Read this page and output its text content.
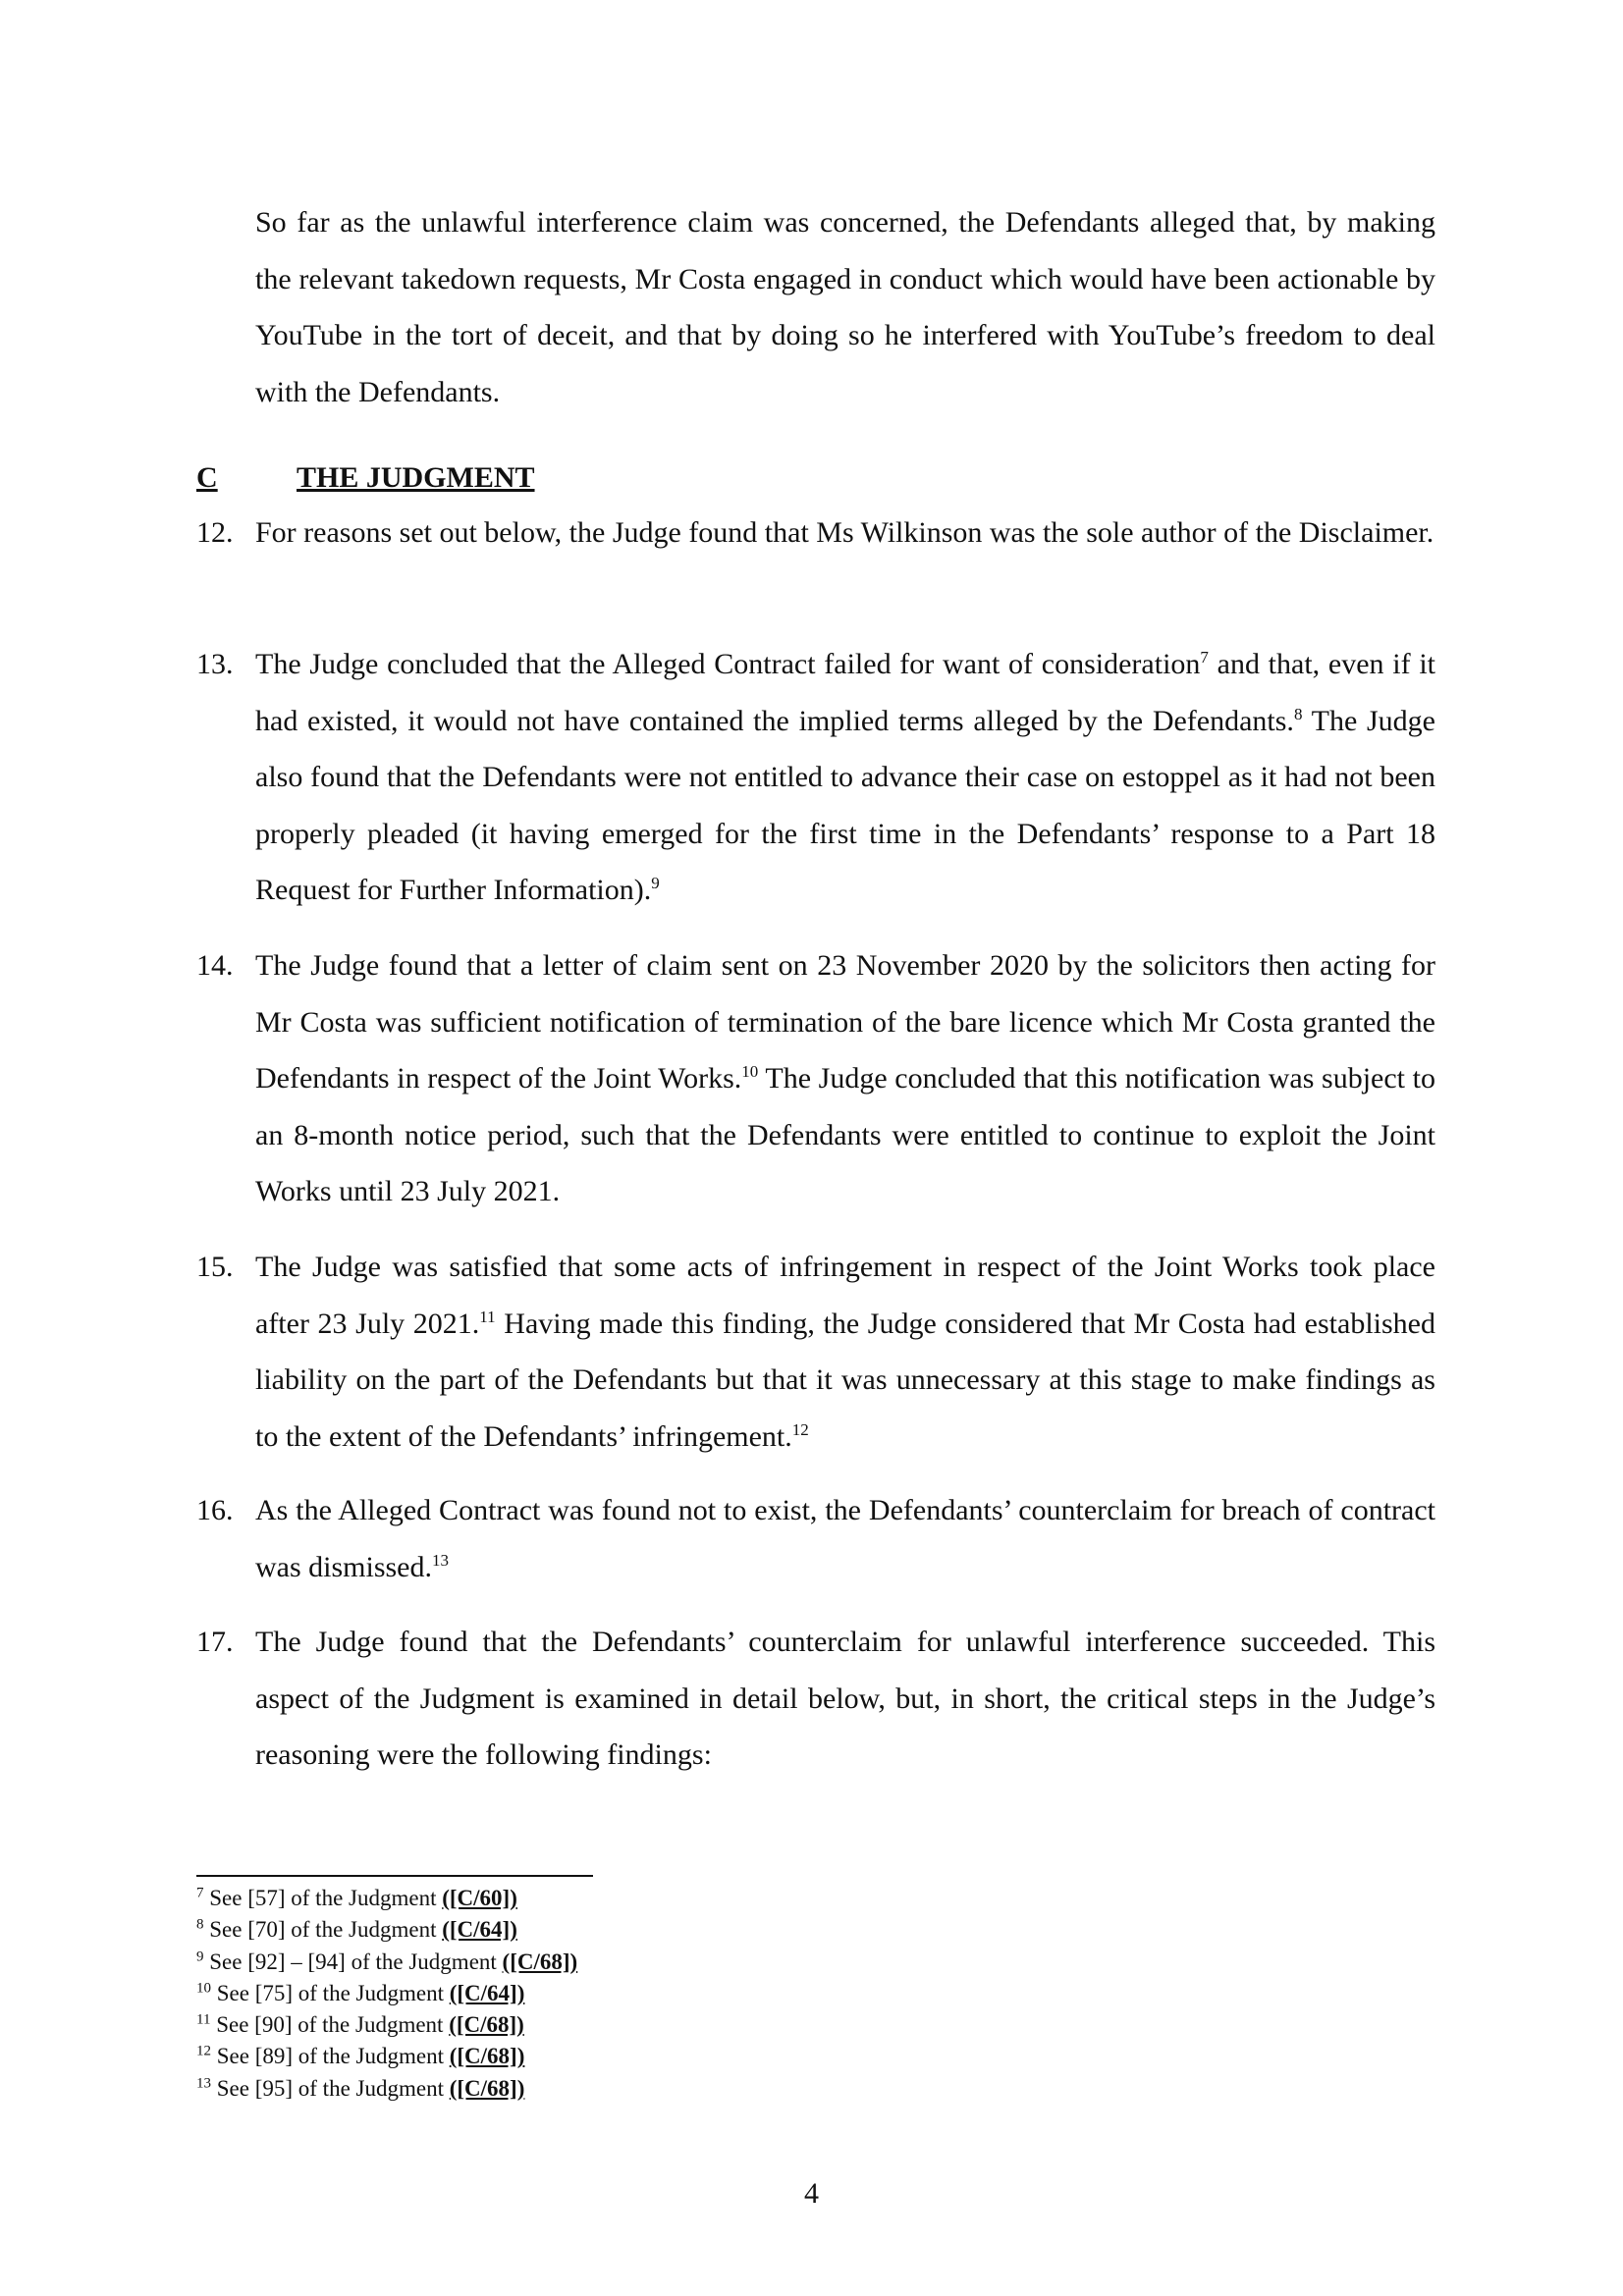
So far as the unlawful interference claim was concerned, the Defendants alleged that, by making the relevant takedown requests, Mr Costa engaged in conduct which would have been actionable by YouTube in the tort of deceit, and that by doing so he interfered with YouTube’s freedom to deal with the Defendants.
C	THE JUDGMENT
12. For reasons set out below, the Judge found that Ms Wilkinson was the sole author of the Disclaimer.
13. The Judge concluded that the Alleged Contract failed for want of consideration$^7$ and that, even if it had existed, it would not have contained the implied terms alleged by the Defendants.$^8$ The Judge also found that the Defendants were not entitled to advance their case on estoppel as it had not been properly pleaded (it having emerged for the first time in the Defendants’ response to a Part 18 Request for Further Information).$^9$
14. The Judge found that a letter of claim sent on 23 November 2020 by the solicitors then acting for Mr Costa was sufficient notification of termination of the bare licence which Mr Costa granted the Defendants in respect of the Joint Works.$^{10}$ The Judge concluded that this notification was subject to an 8-month notice period, such that the Defendants were entitled to continue to exploit the Joint Works until 23 July 2021.
15. The Judge was satisfied that some acts of infringement in respect of the Joint Works took place after 23 July 2021.11 Having made this finding, the Judge considered that Mr Costa had established liability on the part of the Defendants but that it was unnecessary at this stage to make findings as to the extent of the Defendants’ infringement.$^{12}$
16. As the Alleged Contract was found not to exist, the Defendants’ counterclaim for breach of contract was dismissed.$^{13}$
17. The Judge found that the Defendants’ counterclaim for unlawful interference succeeded. This aspect of the Judgment is examined in detail below, but, in short, the critical steps in the Judge’s reasoning were the following findings:
$^7$ See [57] of the Judgment ([C/60])
$^8$ See [70] of the Judgment ([C/64])
$^9$ See [92] – [94] of the Judgment ([C/68])
$^{10}$ See [75] of the Judgment ([C/64])
$^{11}$ See [90] of the Judgment ([C/68])
$^{12}$ See [89] of the Judgment ([C/68])
$^{13}$ See [95] of the Judgment ([C/68])
4
